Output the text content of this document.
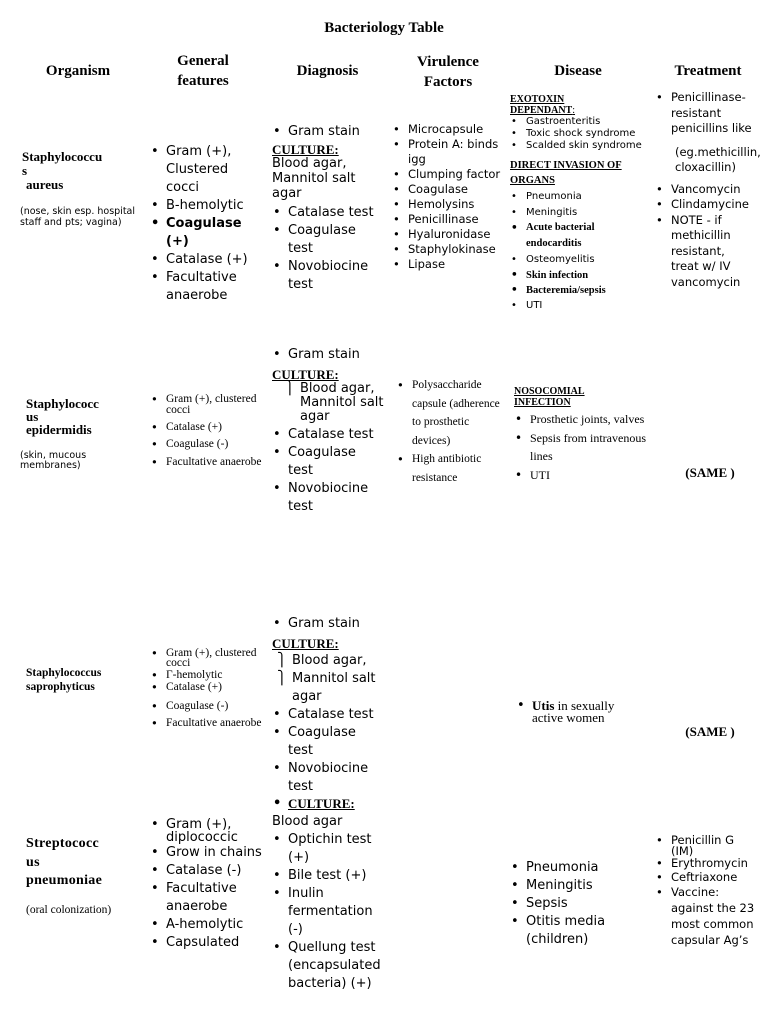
Bacteriology Table
Organism
General
features
Diagnosis
Virulence
Factors
Disease	Treatment
Staphylococcu
s
aureus
(nose, skin esp. hospital staff and pts; vagina)
• Gram (+),
Clustered cocci
• B-hemolytic
• Coagulase (+)
• Catalase (+)
• Facultative anaerobe
• Gram stain
CULTURE:
Blood agar, Mannitol salt agar
• Catalase test
• Coagulase test
• Novobiocine test
• Microcapsule
• Protein A: binds igg
• Clumping factor
• Coagulase
• Hemolysins
• Penicillinase
• Hyaluronidase
• Staphylokinase
• Lipase
EXOTOXIN DEPENDANT:
• Gastroenteritis
• Toxic shock syndrome
• Scalded skin syndrome
DIRECT INVASION OF ORGANS
• Pneumonia
• Meningitis
• Acute bacterial endocarditis
• Osteomyelitis
• Skin infection
• Bacteremia/sepsis
• UTI
• Penicillinase-resistant penicillins like
(eg.methicillin, cloxacillin)
• Vancomycin
• Clindamycine
• NOTE - if methicillin resistant, treat w/ IV vancomycin
Staphylococc
us
epidermidis
(skin, mucous membranes)
• Gram (+), clustered cocci
• Catalase (+)
• Coagulase (-)
• Facultative anaerobe
• Gram stain
CULTURE:
⎫ Blood agar, Mannitol salt agar
• Catalase test
• Coagulase test
• Novobiocine test
• Polysaccharide capsule (adherence to prosthetic devices)
• High antibiotic resistance
NOSOCOMIAL INFECTION
• Prosthetic joints, valves
• Sepsis from intravenous lines
• UTI	(SAME )
Staphylococcus
saprophyticus
• Gram (+), clustered cocci
• Γ-hemolytic
• Catalase (+)
• Coagulase (-)
• Facultative anaerobe
• Gram stain
CULTURE:
⎫ Blood agar,
⎫ Mannitol salt agar
• Catalase test
• Coagulase test
• Novobiocine test
• Utis in sexually active women
(SAME )
Streptococc
us
pneumoniae
(oral colonization)
• Gram (+), diplococcic
• Grow in chains
• Catalase (-)
• Facultative anaerobe
• A-hemolytic
• Capsulated
• CULTURE:
Blood agar
• Optichin test (+)
• Bile test (+)
• Inulin fermentation (-)
• Quellung test (encapsulated bacteria) (+)
• Pneumonia
• Meningitis
• Sepsis
• Otitis media (children)
• Penicillin G (IM)
• Erythromycin
• Ceftriaxone
• Vaccine: against the 23 most common capsular Ag’s
